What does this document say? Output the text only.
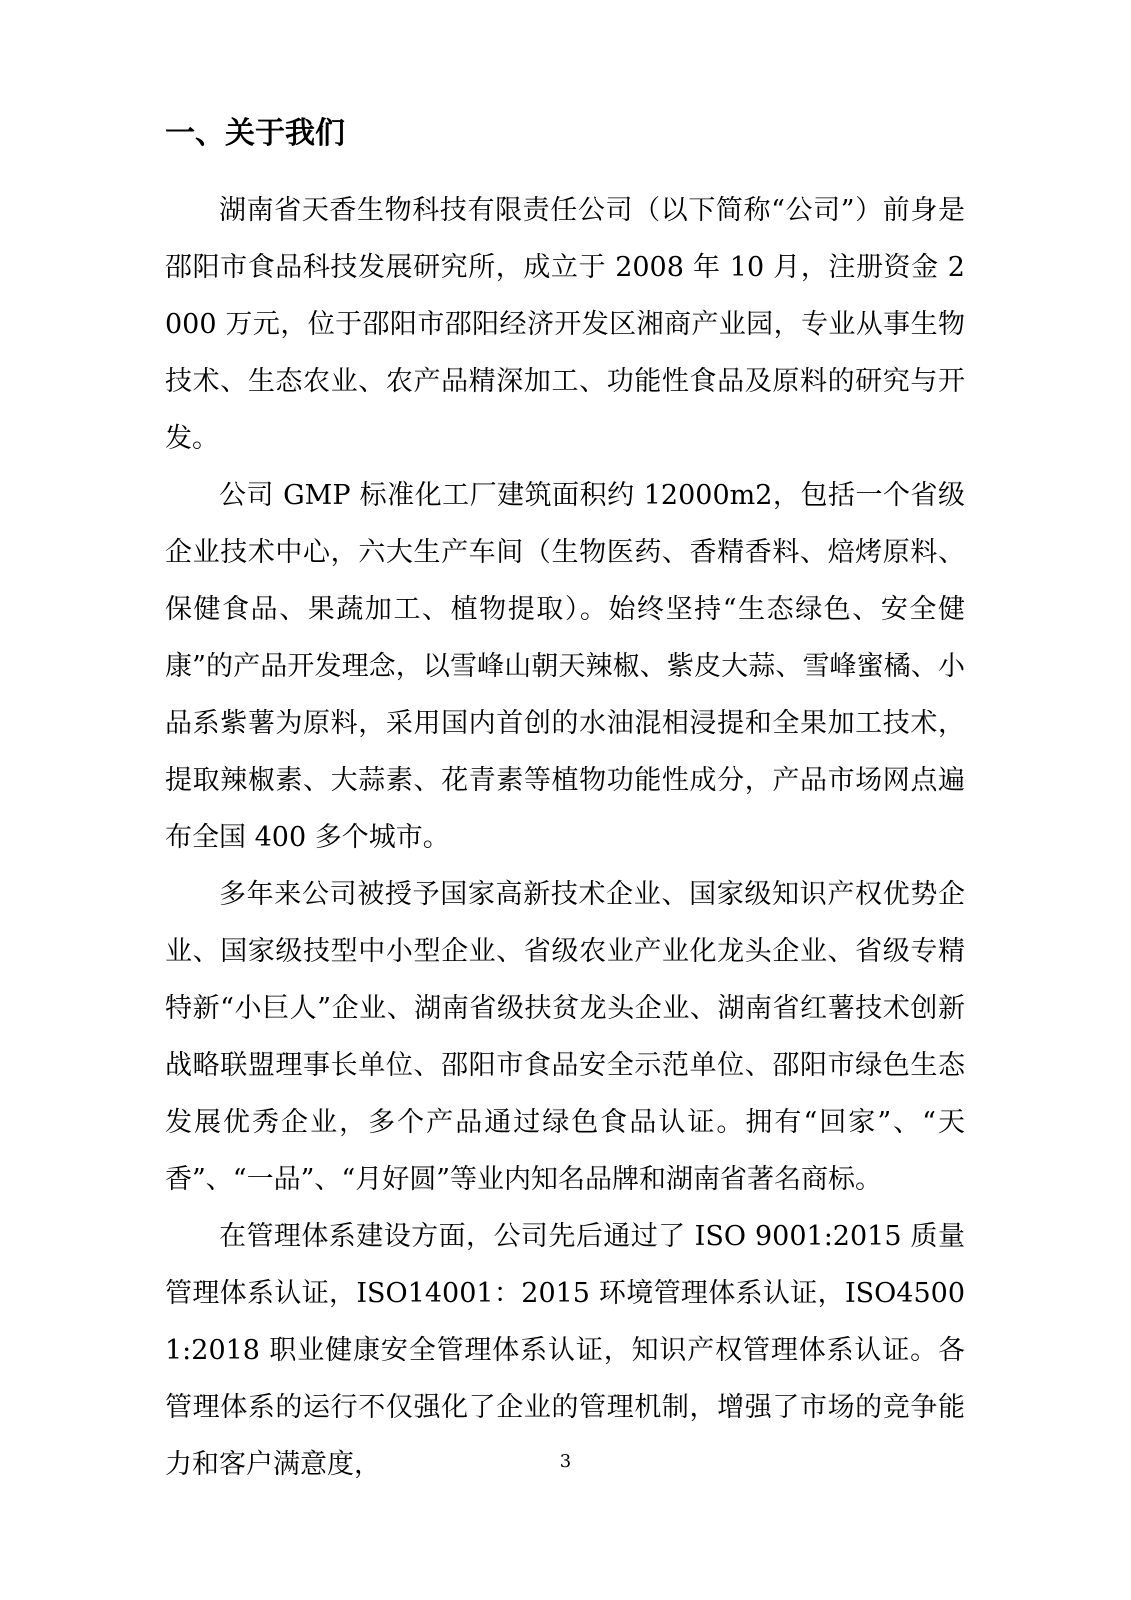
一、关于我们

湖南省天香生物科技有限责任公司（以下简称“公司”）前身是邵阳市食品科技发展研究所，成立于 2008 年 10 月，注册资金 2000 万元，位于邵阳市邵阳经济开发区湘商产业园，专业从事生物技术、生态农业、农产品精深加工、功能性食品及原料的研究与开发。

公司 GMP 标准化工厂建筑面积约 12000m2，包括一个省级企业技术中心，六大生产车间（生物医药、香精香料、焙烤原料、保健食品、果蔬加工、植物提取）。始终坚持“生态绿色、安全健康”的产品开发理念，以雪峰山朝天辣椒、紫皮大蒜、雪峰蜜橘、小品系紫薯为原料，采用国内首创的水油混相浸提和全果加工技术，提取辣椒素、大蒜素、花青素等植物功能性成分，产品市场网点遍布全国 400 多个城市。

多年来公司被授予国家高新技术企业、国家级知识产权优势企业、国家级技型中小型企业、省级农业产业化龙头企业、省级专精特新“小巨人”企业、湖南省级扶贫龙头企业、湖南省红薯技术创新战略联盟理事长单位、邵阳市食品安全示范单位、邵阳市绿色生态发展优秀企业，多个产品通过绿色食品认证。拥有“回家”、“天香”、“一品”、“月好圆”等业内知名品牌和湖南省著名商标。

在管理体系建设方面，公司先后通过了 ISO 9001:2015 质量管理体系认证，ISO14001：2015 环境管理体系认证，ISO45001:2018 职业健康安全管理体系认证，知识产权管理体系认证。各管理体系的运行不仅强化了企业的管理机制，增强了市场的竞争能力和客户满意度，	3
